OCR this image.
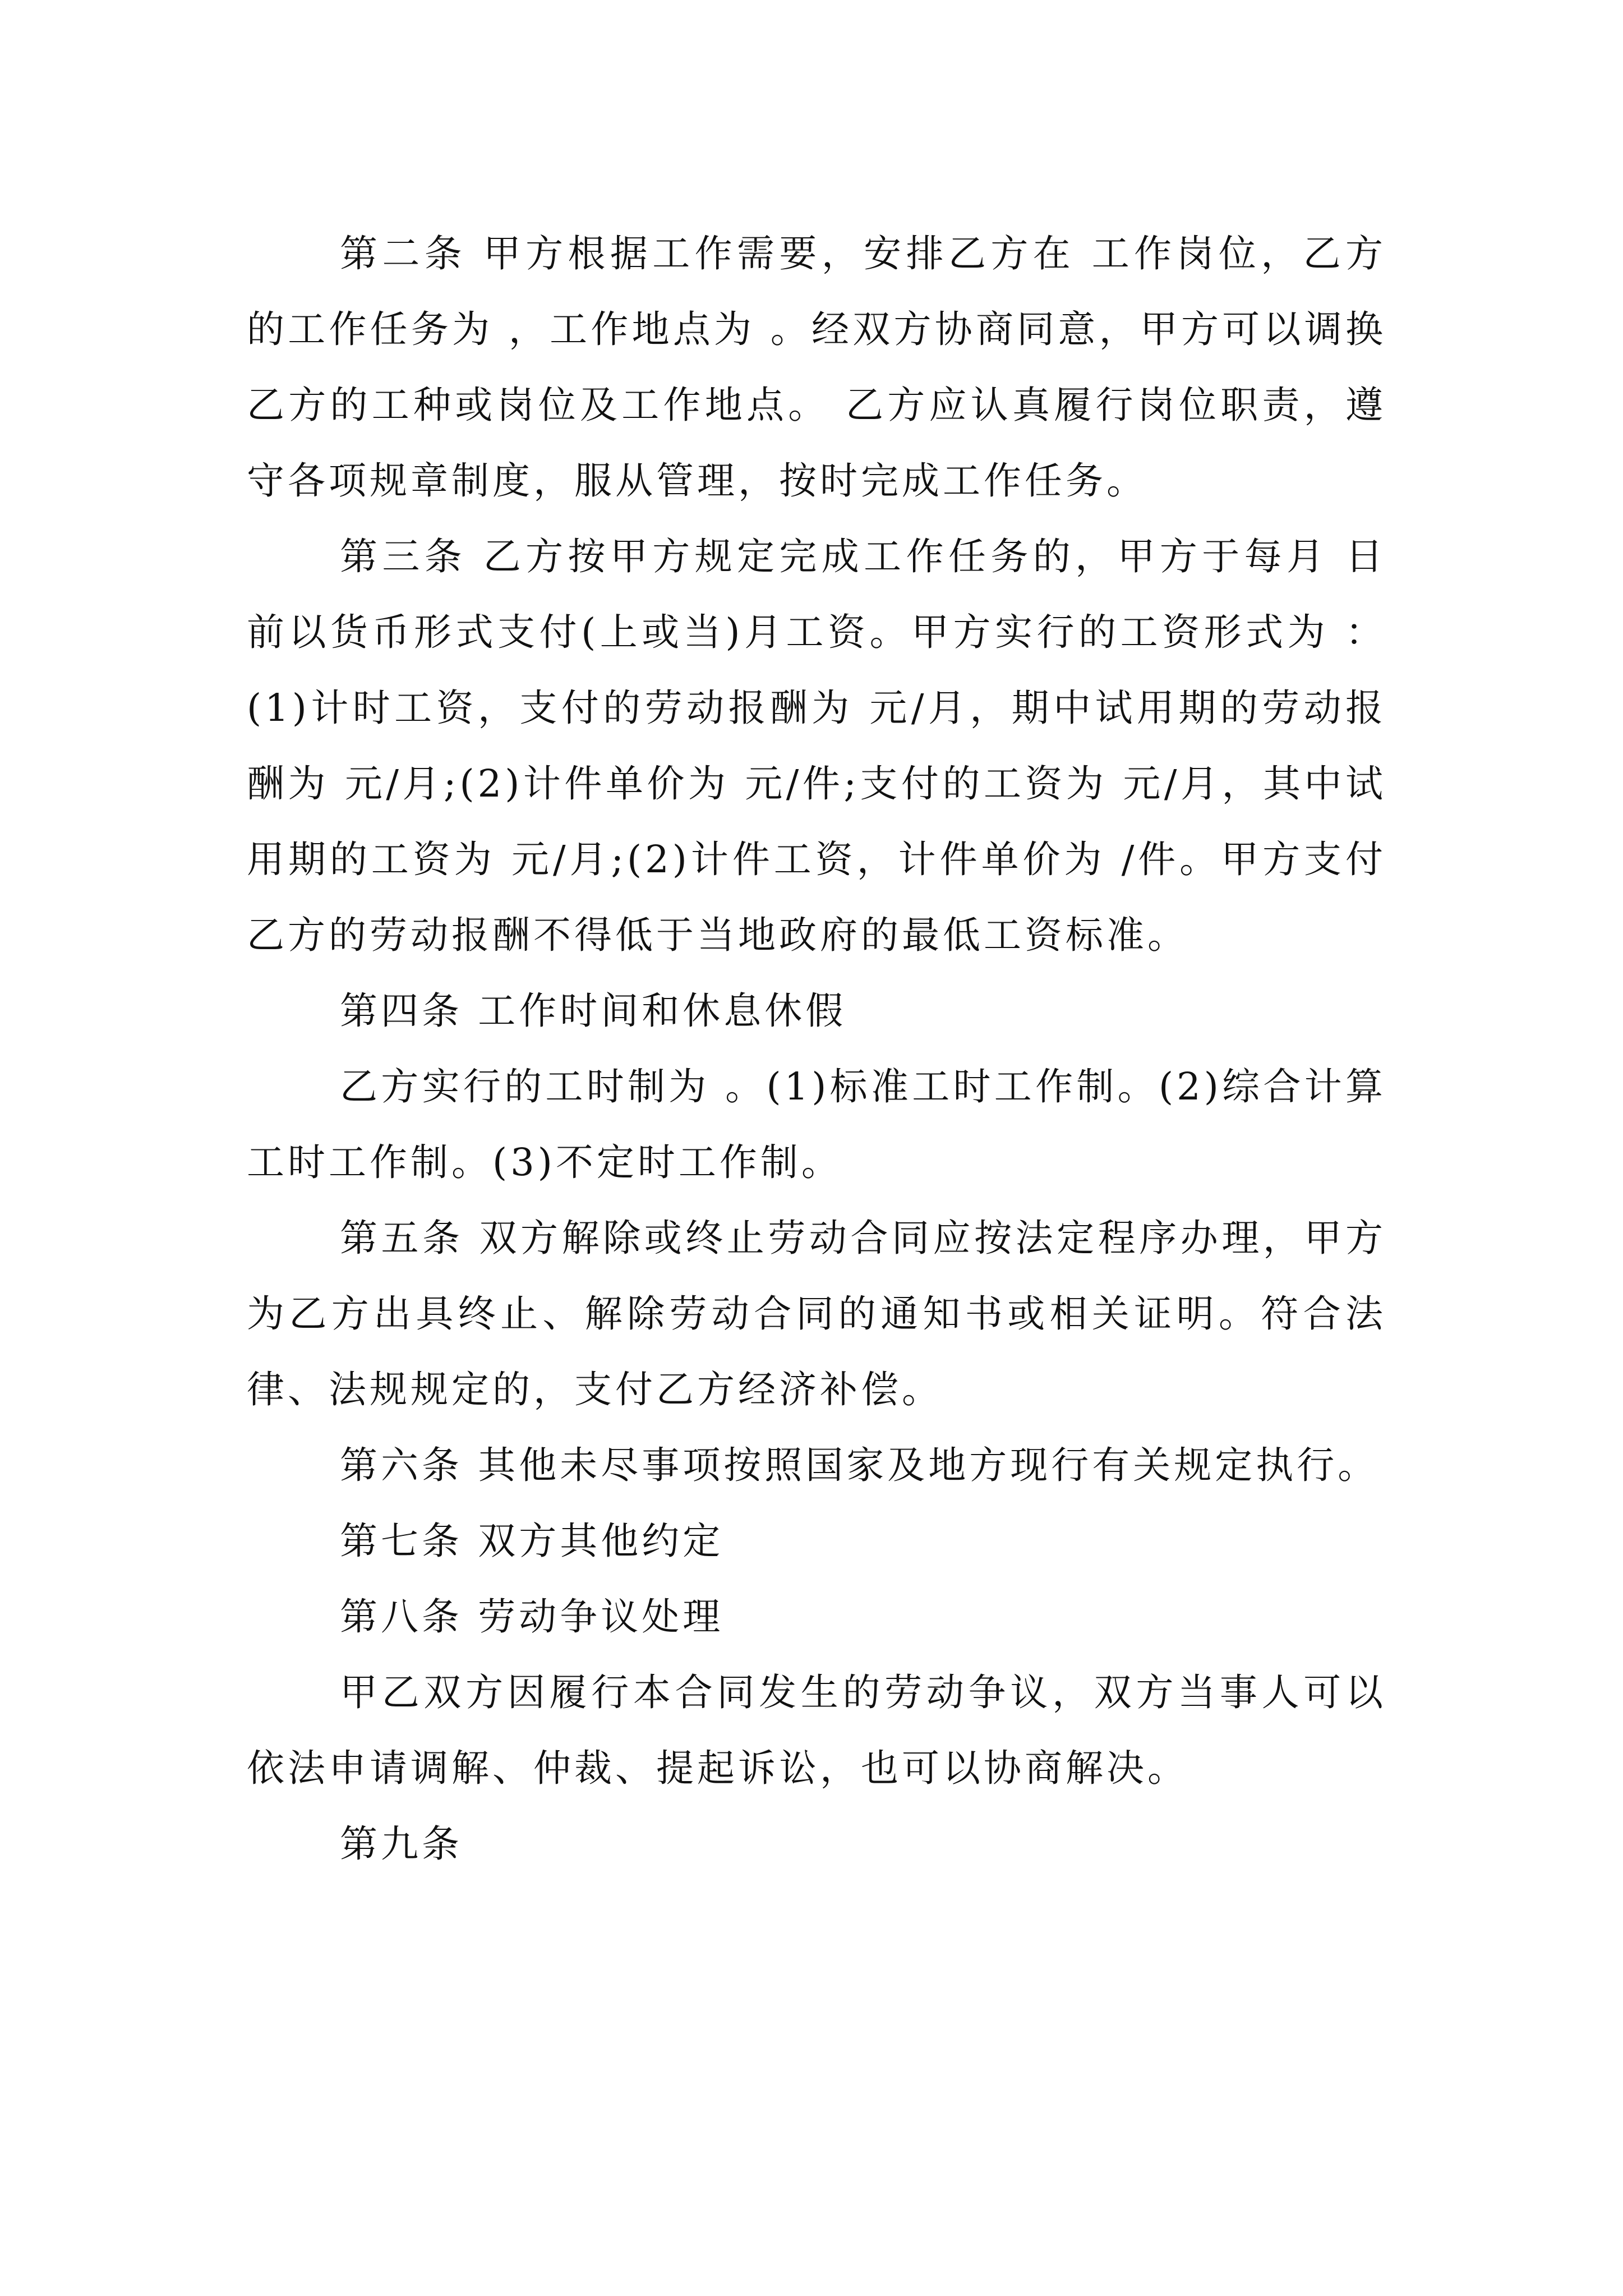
第二条 甲方根据工作需要，安排乙方在 工作岗位，乙方的工作任务为 ，工作地点为 。经双方协商同意，甲方可以调换乙方的工种或岗位及工作地点。 乙方应认真履行岗位职责，遵守各项规章制度，服从管理，按时完成工作任务。

第三条 乙方按甲方规定完成工作任务的，甲方于每月 日前以货币形式支付(上或当)月工资。甲方实行的工资形式为 ：(1)计时工资，支付的劳动报酬为 元/月，期中试用期的劳动报酬为 元/月;(2)计件单价为 元/件;支付的工资为 元/月，其中试用期的工资为 元/月;(2)计件工资，计件单价为 /件。甲方支付乙方的劳动报酬不得低于当地政府的最低工资标准。

第四条 工作时间和休息休假

乙方实行的工时制为 。(1)标准工时工作制。(2)综合计算工时工作制。(3)不定时工作制。

第五条 双方解除或终止劳动合同应按法定程序办理，甲方为乙方出具终止、解除劳动合同的通知书或相关证明。符合法律、法规规定的，支付乙方经济补偿。

第六条 其他未尽事项按照国家及地方现行有关规定执行。

第七条 双方其他约定

第八条 劳动争议处理

甲乙双方因履行本合同发生的劳动争议，双方当事人可以依法申请调解、仲裁、提起诉讼，也可以协商解决。

第九条
